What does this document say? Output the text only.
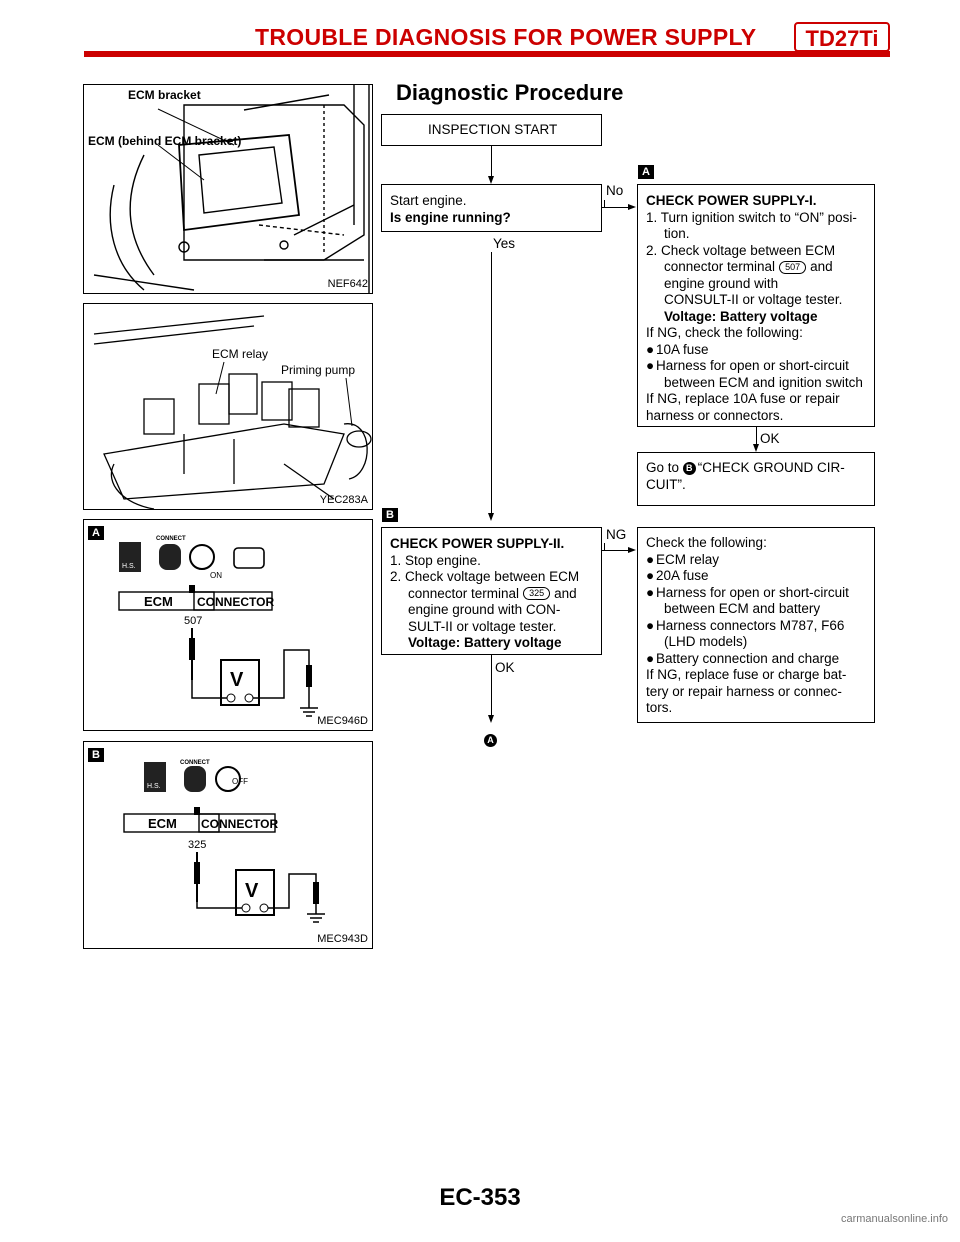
TROUBLE DIAGNOSIS FOR POWER SUPPLY	TD27Ti
ECM bracket
ECM (behind ECM bracket)
NEF642
ECM relay
Priming pump
YEC283A
A
H.S.
CONNECT
ON
ECM CONNECTOR
507
V
MEC946D
B
H.S.
CONNECT
OFF
ECM CONNECTOR
325
V
MEC943D
Diagnostic Procedure
INSPECTION START
Start engine.
Is engine running?
Yes
No
A
CHECK POWER SUPPLY-I.
1. Turn ignition switch to “ON” posi-
tion.
2. Check voltage between ECM
connector terminal 507 and
engine ground with
CONSULT-II or voltage tester.
Voltage: Battery voltage
If NG, check the following:
● 10A fuse
● Harness for open or short-circuit
between ECM and ignition switch
If NG, replace 10A fuse or repair
harness or connectors.
OK
Go to B “CHECK GROUND CIR-
CUIT”.
B
CHECK POWER SUPPLY-II.
1. Stop engine.
2. Check voltage between ECM
connector terminal 325 and
engine ground with CON-
SULT-II or voltage tester.
Voltage: Battery voltage
NG
Check the following:
● ECM relay
● 20A fuse
● Harness for open or short-circuit
between ECM and battery
● Harness connectors M787, F66
(LHD models)
● Battery connection and charge
If NG, replace fuse or charge bat-
tery or repair harness or connec-
tors.
OK
A
EC-353
carmanualsonline.info
